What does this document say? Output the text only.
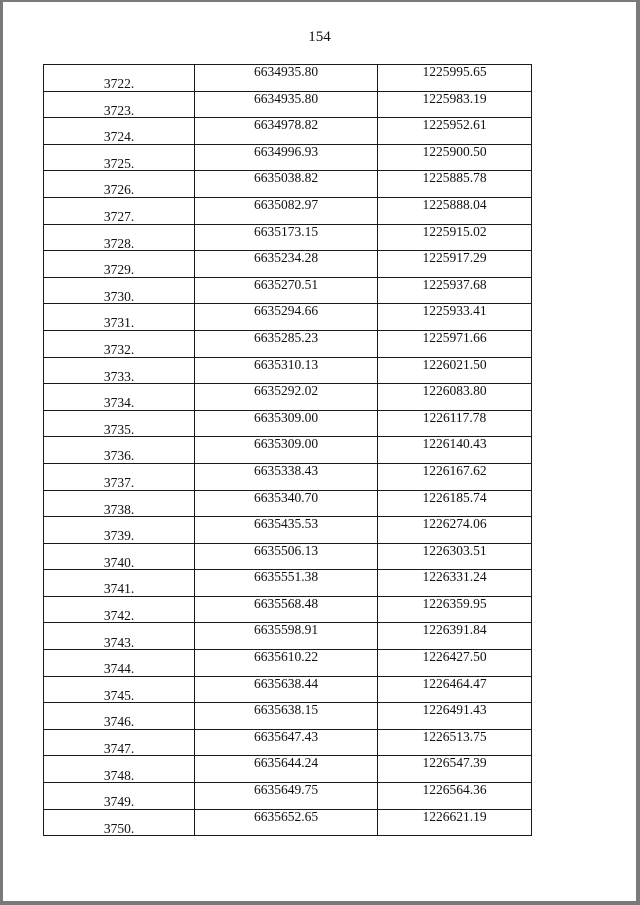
154
3722.	6634935.80	1225995.65
3723.	6634935.80	1225983.19
3724.	6634978.82	1225952.61
3725.	6634996.93	1225900.50
3726.	6635038.82	1225885.78
3727.	6635082.97	1225888.04
3728.	6635173.15	1225915.02
3729.	6635234.28	1225917.29
3730.	6635270.51	1225937.68
3731.	6635294.66	1225933.41
3732.	6635285.23	1225971.66
3733.	6635310.13	1226021.50
3734.	6635292.02	1226083.80
3735.	6635309.00	1226117.78
3736.	6635309.00	1226140.43
3737.	6635338.43	1226167.62
3738.	6635340.70	1226185.74
3739.	6635435.53	1226274.06
3740.	6635506.13	1226303.51
3741.	6635551.38	1226331.24
3742.	6635568.48	1226359.95
3743.	6635598.91	1226391.84
3744.	6635610.22	1226427.50
3745.	6635638.44	1226464.47
3746.	6635638.15	1226491.43
3747.	6635647.43	1226513.75
3748.	6635644.24	1226547.39
3749.	6635649.75	1226564.36
3750.	6635652.65	1226621.19
